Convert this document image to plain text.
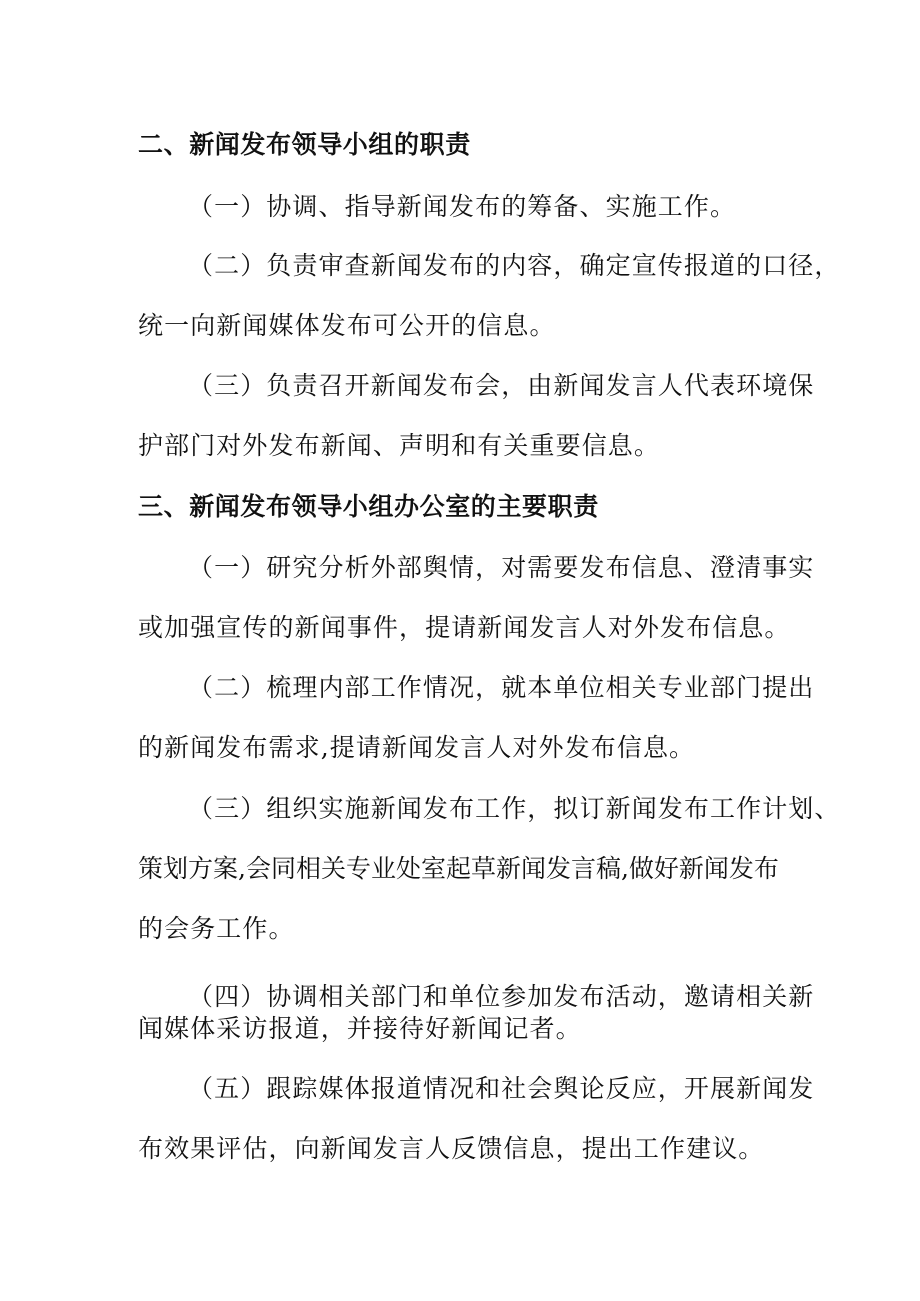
二、新闻发布领导小组的职责
（一）协调、指导新闻发布的筹备、实施工作。
（二）负责审查新闻发布的内容，确定宣传报道的口径，
统一向新闻媒体发布可公开的信息。
（三）负责召开新闻发布会，由新闻发言人代表环境保
护部门对外发布新闻、声明和有关重要信息。
三、新闻发布领导小组办公室的主要职责
（一）研究分析外部舆情，对需要发布信息、澄清事实
或加强宣传的新闻事件，提请新闻发言人对外发布信息。
（二）梳理内部工作情况，就本单位相关专业部门提出
的新闻发布需求,提请新闻发言人对外发布信息。
（三）组织实施新闻发布工作，拟订新闻发布工作计划、
策划方案,会同相关专业处室起草新闻发言稿,做好新闻发布
的会务工作。
（四）协调相关部门和单位参加发布活动，邀请相关新
闻媒体采访报道，并接待好新闻记者。
（五）跟踪媒体报道情况和社会舆论反应，开展新闻发
布效果评估，向新闻发言人反馈信息，提出工作建议。
